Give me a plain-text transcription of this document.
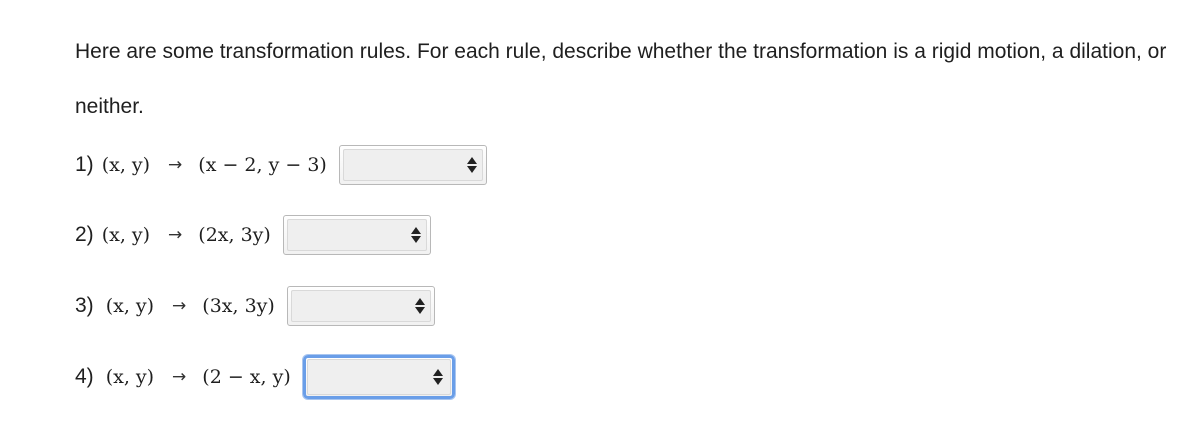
Here are some transformation rules. For each rule, describe whether the transformation is a rigid motion, a dilation, or neither.
1) (x, y) → (x − 2, y − 3)
2) (x, y) → (2x, 3y)
3) (x, y) → (3x, 3y)
4) (x, y) → (2 − x, y)
